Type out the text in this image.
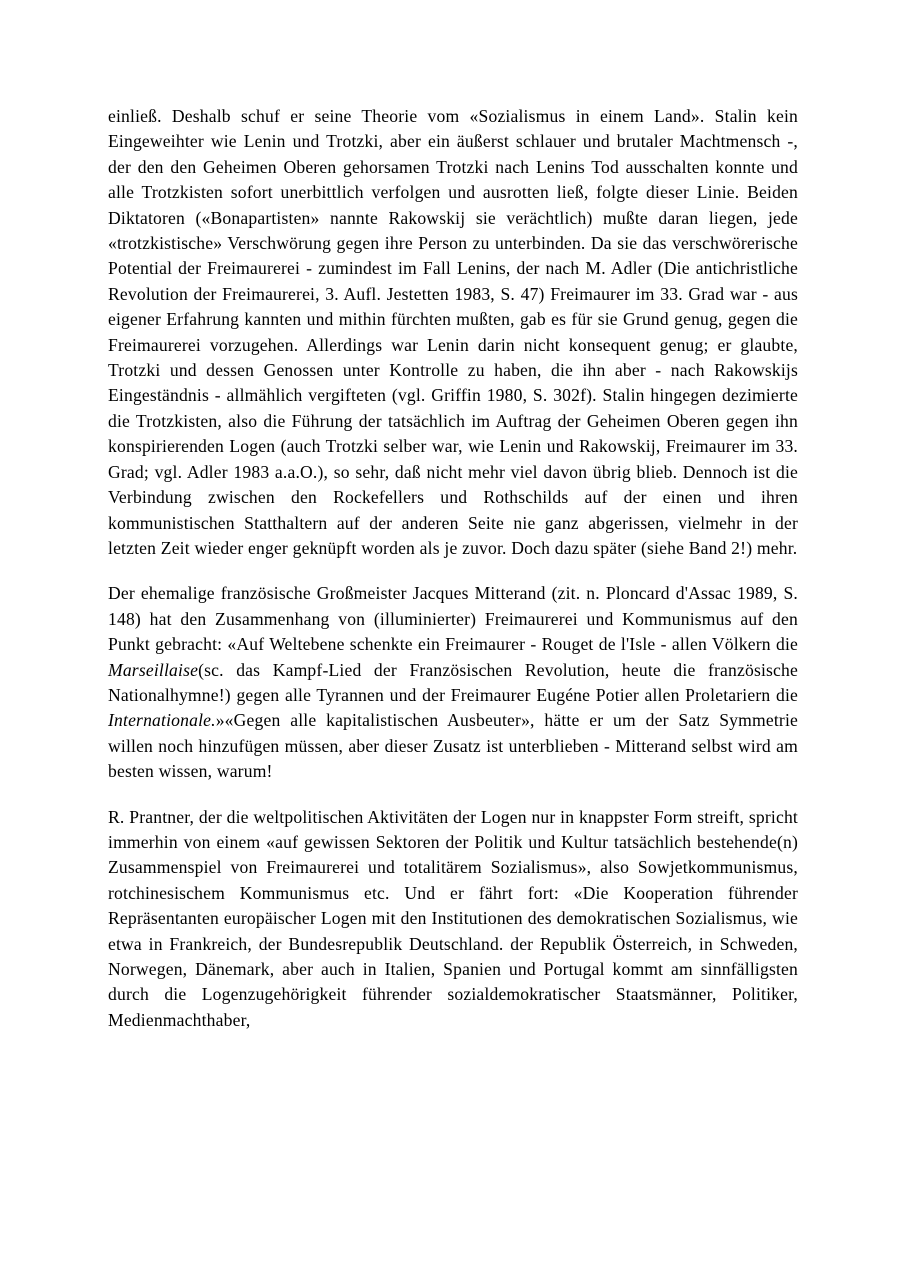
einließ. Deshalb schuf er seine Theorie vom «Sozialismus in einem Land». Stalin kein Eingeweihter wie Lenin und Trotzki, aber ein äußerst schlauer und brutaler Machtmensch -, der den den Geheimen Oberen gehorsamen Trotzki nach Lenins Tod ausschalten konnte und alle Trotzkisten sofort unerbittlich verfolgen und ausrotten ließ, folgte dieser Linie. Beiden Diktatoren («Bonapartisten» nannte Rakowskij sie verächtlich) mußte daran liegen, jede «trotzkistische» Verschwörung gegen ihre Person zu unterbinden. Da sie das verschwörerische Potential der Freimaurerei - zumindest im Fall Lenins, der nach M. Adler (Die antichristliche Revolution der Freimaurerei, 3. Aufl. Jestetten 1983, S. 47) Freimaurer im 33. Grad war - aus eigener Erfahrung kannten und mithin fürchten mußten, gab es für sie Grund genug, gegen die Freimaurerei vorzugehen. Allerdings war Lenin darin nicht konsequent genug; er glaubte, Trotzki und dessen Genossen unter Kontrolle zu haben, die ihn aber - nach Rakowskijs Eingeständnis - allmählich vergifteten (vgl. Griffin 1980, S. 302f). Stalin hingegen dezimierte die Trotzkisten, also die Führung der tatsächlich im Auftrag der Geheimen Oberen gegen ihn konspirierenden Logen (auch Trotzki selber war, wie Lenin und Rakowskij, Freimaurer im 33. Grad; vgl. Adler 1983 a.a.O.), so sehr, daß nicht mehr viel davon übrig blieb. Dennoch ist die Verbindung zwischen den Rockefellers und Rothschilds auf der einen und ihren kommunistischen Statthaltern auf der anderen Seite nie ganz abgerissen, vielmehr in der letzten Zeit wieder enger geknüpft worden als je zuvor. Doch dazu später (siehe Band 2!) mehr.

Der ehemalige französische Großmeister Jacques Mitterand (zit. n. Ploncard d'Assac 1989, S. 148) hat den Zusammenhang von (illuminierter) Freimaurerei und Kommunismus auf den Punkt gebracht: «Auf Weltebene schenkte ein Freimaurer - Rouget de l'Isle - allen Völkern die Marseillaise(sc. das Kampf-Lied der Französischen Revolution, heute die französische Nationalhymne!) gegen alle Tyrannen und der Freimaurer Eugéne Potier allen Proletariern die Internationale.»«Gegen alle kapitalistischen Ausbeuter», hätte er um der Satz Symmetrie willen noch hinzufügen müssen, aber dieser Zusatz ist unterblieben - Mitterand selbst wird am besten wissen, warum!

R. Prantner, der die weltpolitischen Aktivitäten der Logen nur in knappster Form streift, spricht immerhin von einem «auf gewissen Sektoren der Politik und Kultur tatsächlich bestehende(n) Zusammenspiel von Freimaurerei und totalitärem Sozialismus», also Sowjetkommunismus, rotchinesischem Kommunismus etc. Und er fährt fort: «Die Kooperation führender Repräsentanten europäischer Logen mit den Institutionen des demokratischen Sozialismus, wie etwa in Frankreich, der Bundesrepublik Deutschland. der Republik Österreich, in Schweden, Norwegen, Dänemark, aber auch in Italien, Spanien und Portugal kommt am sinnfälligsten durch die Logenzugehörigkeit führender sozialdemokratischer Staatsmänner, Politiker, Medienmachthaber,
